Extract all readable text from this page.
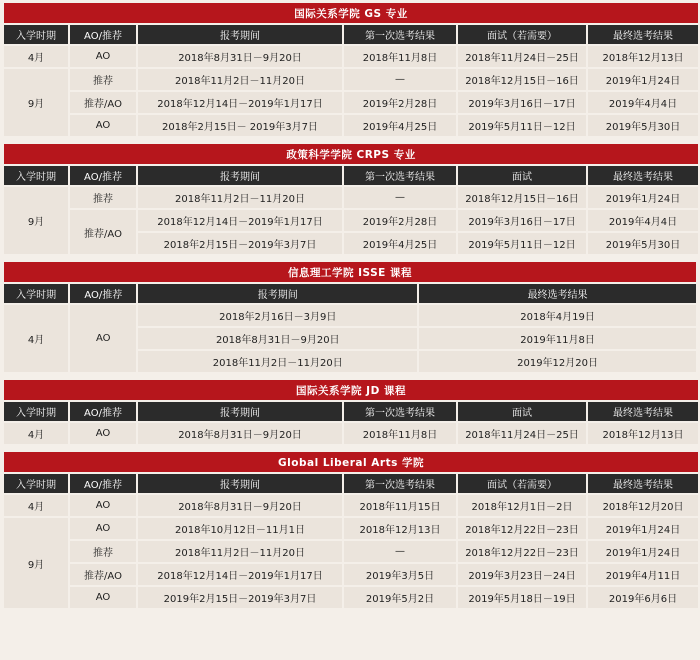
国际关系学院 GS 专业					
入学时期	AO/推荐	报考期间	第一次选考结果	面试（若需要）	最终选考结果
4月	AO	2018年8月31日－9月20日	2018年11月8日	2018年11月24日－25日	2018年12月13日
9月	推荐	2018年11月2日－11月20日	—	2018年12月15日－16日	2019年1月24日
	推荐/AO	2018年12月14日－2019年1月17日	2019年2月28日	2019年3月16日－17日	2019年4月4日
	AO	2018年2月15日－ 2019年3月7日	2019年4月25日	2019年5月11日－12日	2019年5月30日
政策科学学院 CRPS 专业					
入学时期	AO/推荐	报考期间	第一次选考结果	面试	最终选考结果
9月	推荐	2018年11月2日－11月20日	—	2018年12月15日－16日	2019年1月24日
	推荐/AO	2018年12月14日－2019年1月17日	2019年2月28日	2019年3月16日－17日	2019年4月4日
		2018年2月15日－2019年3月7日	2019年4月25日	2019年5月11日－12日	2019年5月30日
信息理工学院 ISSE 课程			
入学时期	AO/推荐	报考期间	最终选考结果
4月	AO	2018年2月16日－3月9日	2018年4月19日
		2018年8月31日－9月20日	2019年11月8日
		2018年11月2日－11月20日	2019年12月20日
国际关系学院 JD 课程					
入学时期	AO/推荐	报考期间	第一次选考结果	面试	最终选考结果
4月	AO	2018年8月31日－9月20日	2018年11月8日	2018年11月24日－25日	2018年12月13日
Global Liberal Arts 学院					
入学时期	AO/推荐	报考期间	第一次选考结果	面试（若需要）	最终选考结果
4月	AO	2018年8月31日－9月20日	2018年11月15日	2018年12月1日－2日	2018年12月20日
9月	AO	2018年10月12日－11月1日	2018年12月13日	2018年12月22日－23日	2019年1月24日
	推荐	2018年11月2日－11月20日	—	2018年12月22日－23日	2019年1月24日
	推荐/AO	2018年12月14日－2019年1月17日	2019年3月5日	2019年3月23日－24日	2019年4月11日
	AO	2019年2月15日－2019年3月7日	2019年5月2日	2019年5月18日－19日	2019年6月6日
